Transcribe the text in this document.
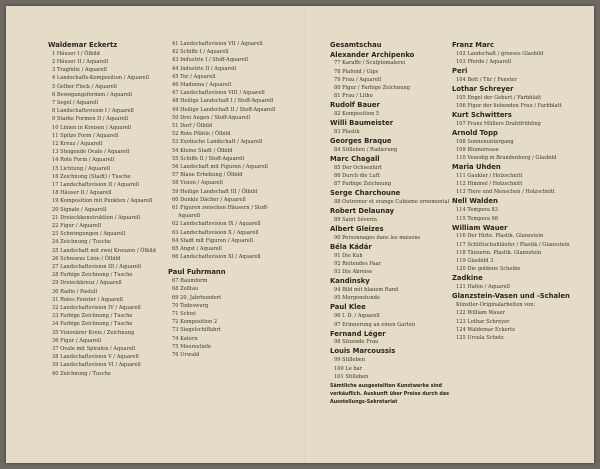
Waldemar Eckertz
1 Häuser I / Ölbild
2 Häuser II / Aquarell
3 Tragödie / Aquarell
4 Landschafts-Komposition / Aquarell
5 Gelber Fleck / Aquarell
6 Bewegungsformen / Aquarell
7 Segel / Aquarell
8 Landschaftsvision I / Aquarell
9 Starke Formen II / Aquarell
10 Linien in Kreisen / Aquarell
11 Spitze Form / Aquarell
12 Kreuz / Aquarell
13 Steigende Ovale / Aquarell
14 Rote Form / Aquarell
15 Lichtung / Aquarell
16 Zeichnung (Stadt) / Tusche
17 Landschaftsvision II / Aquarell
18 Häuser II / Aquarell
19 Komposition mit Punkten / Aquarell
20 Signale / Aquarell
21 Dreieckkonstruktion / Aquarell
22 Figur / Aquarell
23 Schwingungen / Aquarell
24 Zeichnung / Tusche
25 Landschaft mit zwei Kreuzen / Ölbild
26 Schwarze Linie / Ölbild
27 Landschaftsvision III / Aquarell
28 Farbige Zeichnung / Tusche
29 Dreieckkreuz / Aquarell
30 Radio / Pastell
31 Rotes Fenster / Aquarell
32 Landschaftsvision IV / Aquarell
33 Farbige Zeichnung / Tusche
34 Farbige Zeichnung / Tusche
35 Visionärer Kreis / Zeichnung
36 Figur / Aquarell
37 Ovale mit Spiralen / Aquarell
38 Landschaftsvision V / Aquarell
39 Landschaftsvision VI / Aquarell
40 Zeichnung / Tusche
41 Landschaftsvision VII / Aquarell
42 Schiffe I / Aquarell
43 Industrie I / Stoff-Aquarell
44 Industrie II / Aquarell
45 Tor / Aquarell
46 Madonna / Aquarell
47 Landschaftsvision VIII / Aquarell
48 Heilige Landschaft I / Stoff-Aquarell
49 Heilige Landschaft II / Stoff-Aquarell
50 Drei Augen / Stoff-Aquarell
51 Dorf / Ölbild
52 Rote Pfähle / Ölbild
53 Exotische Landschaft / Aquarell
54 Kleine Stadt / Ölbild
55 Schiffe II / Stoff-Aquarell
56 Landschaft mit Figuren / Aquarell
57 Blaue Erhebung / Ölbild
58 Vision / Aquarell
59 Heilige Landschaft III / Ölbild
60 Dunkle Dächer / Aquarell
61 Figuren zwischen Häusern / Stoff-Aquarell
62 Landschaftsvision IX / Aquarell
63 Landschaftsvision X / Aquarell
64 Stadt mit Figuren / Aquarell
65 Angst / Aquarell
66 Landschaftsvision XI / Aquarell
Paul Fuhrmann
67 Raumform
68 Zelltau
69 20. Jahrhundert
70 Todeswurg
71 Schwi
72 Komposition 2
73 Siegelschiffahrt
74 Katern
75 Meerestiefe
76 Urwald
Gesamtschau
Alexander Archipenko
77 Karaffe / Sculptomalerei
78 Plafond / Gips
79 Frau / Aquarell
80 Figur / Farbige Zeichnung
81 Frau / Litho
Rudolf Bauer
82 Komposition 5
Willi Baumeister
83 Plastik
Georges Braque
84 Stilleben / Radierung
Marc Chagall
85 Der Ochsenhirt
86 Durch die Luft
87 Farbige Zeichnung
Serge Charchoune
88 Outremer et orange Cubisme ornemental
Robert Delaunay
89 Saint Séverin
Albert Gleizes
90 Personnages dans les maisons
Béla Kádár
91 Die Kuh
92 Reitendes Paar
93 Die Abreise
Kandinsky
94 Bild mit blauem Rand
95 Morgenstunde
Paul Klee
96 I. D. / Aquarell
97 Erinnerung an einen Garten
Fernand Léger
98 Sitzende Frau
Louis Marcoussis
99 Stilleben
100 Le bar
101 Stilleben
Sämtliche ausgestellten Kunstwerke sind verkäuflich. Auskunft über Preise durch das Ausstellungs-Sekretariat
Franz Marc
102 Landschaft / grosses Glasbild
103 Pferde / Aquarell
Peri
104 Bett / Tür / Fenster
Lothar Schreyer
105 Engel der Geburt / Farbblatt
106 Figur der liebenden Frau / Farbblatt
Kurt Schwitters
107 Franz Müllers Drahtfrühling
Arnold Topp
108 Sonnenuntergang
109 Blumenvase
110 Venedig in Brandenburg / Glasbild
Maria Uhden
111 Gaukler / Holzschnitt
112 Himmel / Holzschnitt
113 Tiere und Menschen / Holzschnitt
Nell Walden
114 Tempera 83
115 Tempera 98
William Wauer
116 Der Hirte. Plastik. Glanzstein
117 Schlittschuhläufer / Plastik / Glanzstein
118 Tänzerin. Plastik. Glanzstein
119 Glasbild 3
120 Die goldene Scheibe
Zadkine
121 Hafen / Aquarell
Glanzstein-Vasen und -Schalen
Künstler-Originalarbeiten von:
122 William Wauer
123 Lothar Schreyer
124 Waldemar Eckertz
125 Ursula Schetz
